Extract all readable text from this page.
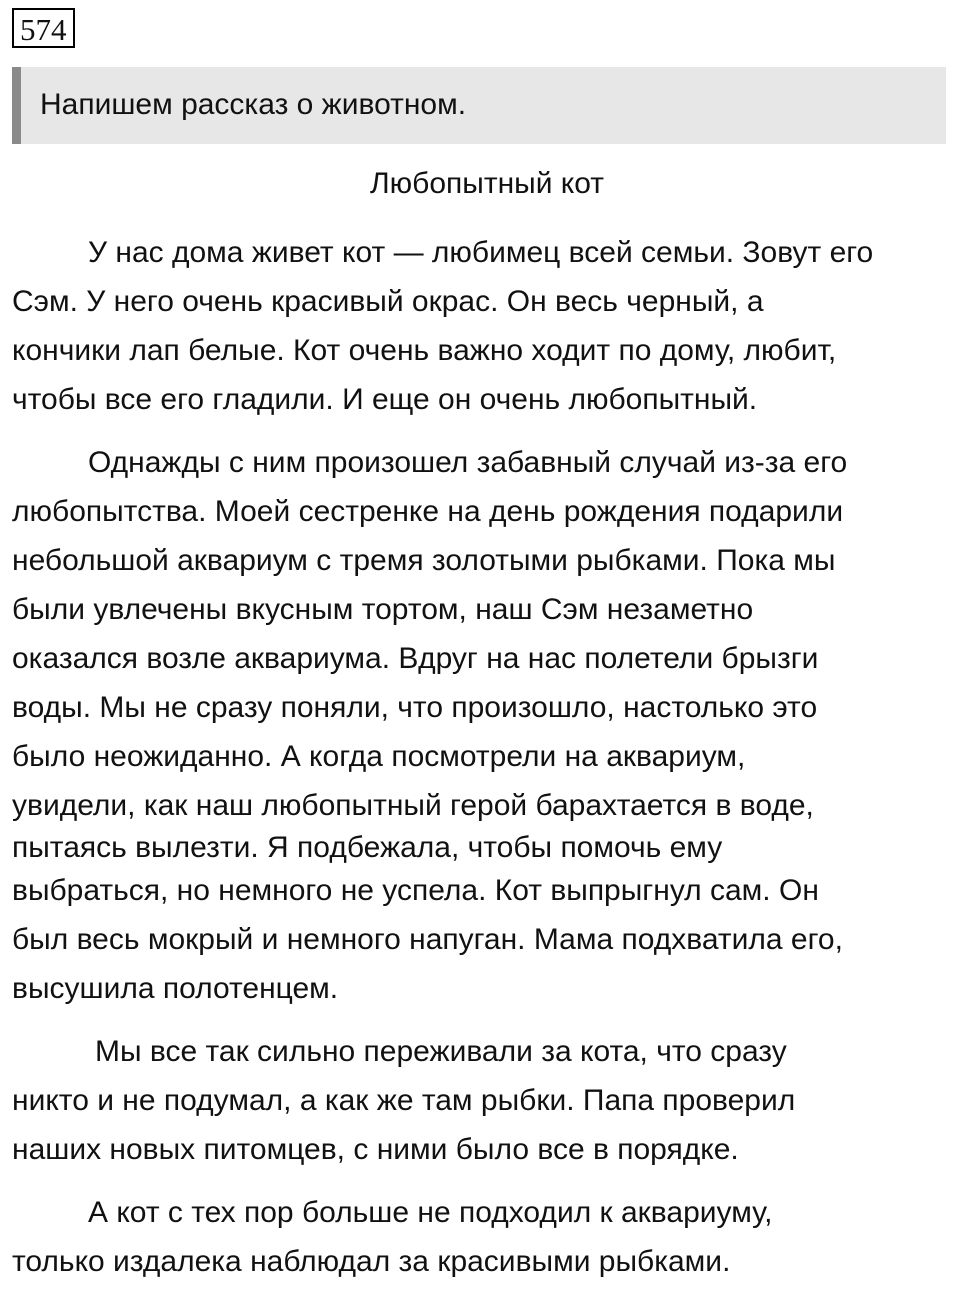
574
Напишем рассказ о животном.
Любопытный кот
У нас дома живет кот — любимец всей семьи. Зовут его
Сэм. У него очень красивый окрас. Он весь черный, а
кончики лап белые. Кот очень важно ходит по дому, любит,
чтобы все его гладили. И еще он очень любопытный.
Однажды с ним произошел забавный случай из-за его
любопытства. Моей сестренке на день рождения подарили
небольшой аквариум с тремя золотыми рыбками. Пока мы
были увлечены вкусным тортом, наш Сэм незаметно
оказался возле аквариума. Вдруг на нас полетели брызги
воды. Мы не сразу поняли, что произошло, настолько это
было неожиданно. А когда посмотрели на аквариум,
увидели, как наш любопытный герой барахтается в воде,
пытаясь вылезти. Я подбежала, чтобы помочь ему
выбраться, но немного не успела. Кот выпрыгнул сам. Он
был весь мокрый и немного напуган. Мама подхватила его,
высушила полотенцем.
Мы все так сильно переживали за кота, что сразу
никто и не подумал, а как же там рыбки. Папа проверил
наших новых питомцев, с ними было все в порядке.
А кот с тех пор больше не подходил к аквариуму,
только издалека наблюдал за красивыми рыбками.
